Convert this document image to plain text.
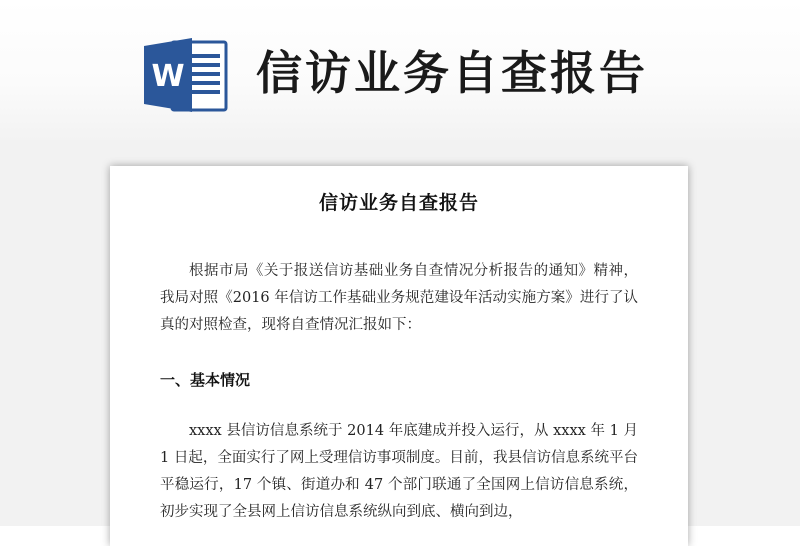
W 信访业务自查报告
信访业务自查报告
根据市局《关于报送信访基础业务自查情况分析报告的通知》精神，我局对照《2016 年信访工作基础业务规范建设年活动实施方案》进行了认真的对照检查，现将自查情况汇报如下：
一、基本情况
xxxx 县信访信息系统于 2014 年底建成并投入运行，从 xxxx 年 1 月 1 日起，全面实行了网上受理信访事项制度。目前，我县信访信息系统平台平稳运行，17 个镇、街道办和 47 个部门联通了全国网上信访信息系统，初步实现了全县网上信访信息系统纵向到底、横向到边，
